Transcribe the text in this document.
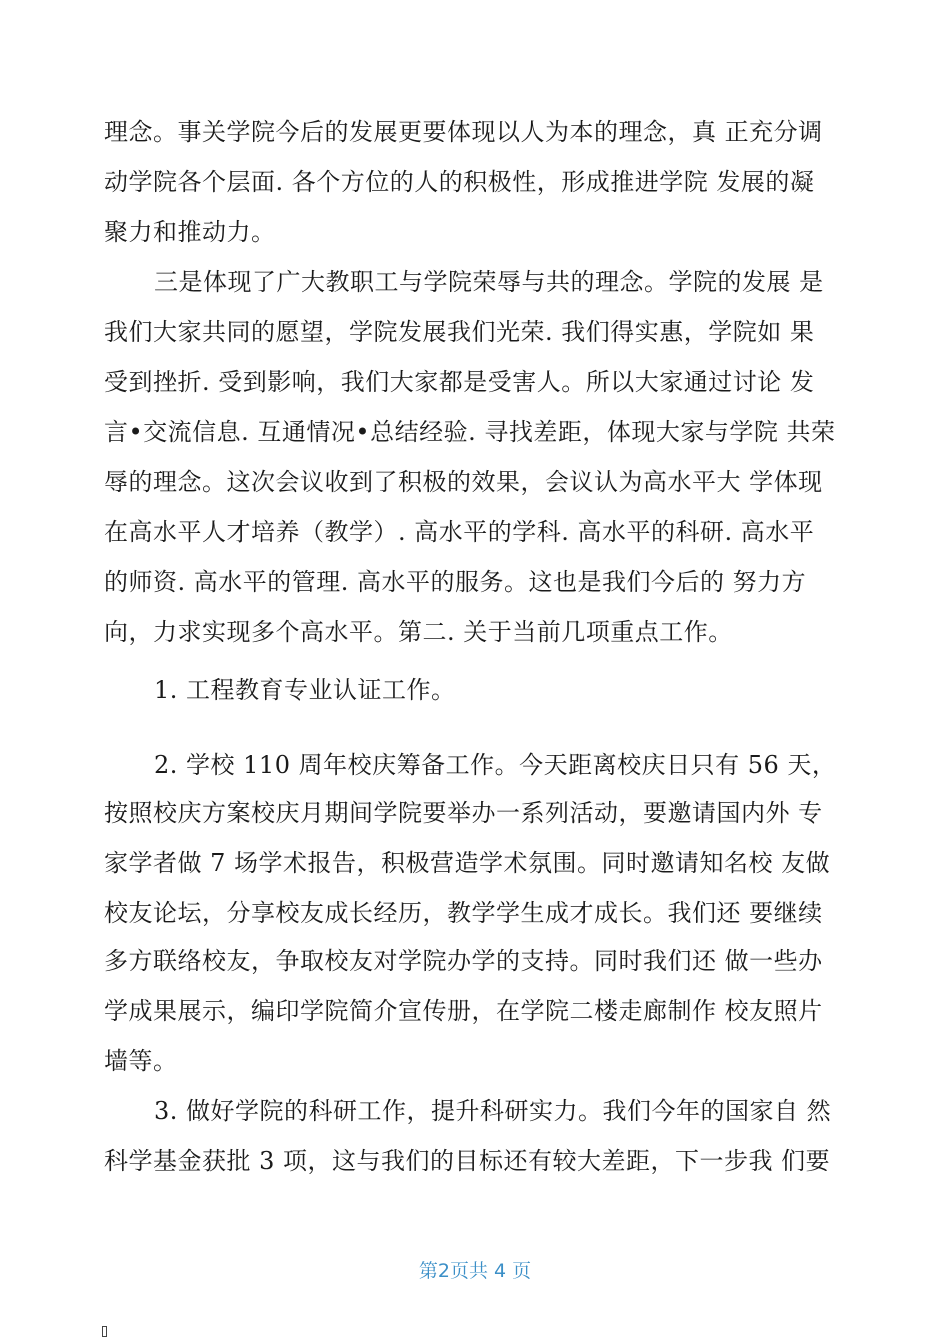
理念。事关学院今后的发展更要体现以人为本的理念，真 正充分调
动学院各个层面. 各个方位的人的积极性，形成推进学院 发展的凝
聚力和推动力。
三是体现了广大教职工与学院荣辱与共的理念。学院的发展 是
我们大家共同的愿望，学院发展我们光荣. 我们得实惠，学院如 果
受到挫折. 受到影响，我们大家都是受害人。所以大家通过讨论 发
言•交流信息. 互通情况•总结经验. 寻找差距，体现大家与学院 共荣
辱的理念。这次会议收到了积极的效果，会议认为高水平大 学体现
在高水平人才培养（教学）. 高水平的学科. 高水平的科研. 高水平
的师资. 高水平的管理. 高水平的服务。这也是我们今后的 努力方
向，力求实现多个高水平。第二. 关于当前几项重点工作。
1. 工程教育专业认证工作。
2. 学校 110 周年校庆筹备工作。今天距离校庆日只有 56 天，
按照校庆方案校庆月期间学院要举办一系列活动，要邀请国内外 专
家学者做 7 场学术报告，积极营造学术氛围。同时邀请知名校 友做
校友论坛，分享校友成长经历，教学学生成才成长。我们还 要继续
多方联络校友，争取校友对学院办学的支持。同时我们还 做一些办
学成果展示，编印学院简介宣传册，在学院二楼走廊制作 校友照片
墙等。
3. 做好学院的科研工作，提升科研实力。我们今年的国家自 然
科学基金获批 3 项，这与我们的目标还有较大差距，下一步我 们要
第2页共 4 页
